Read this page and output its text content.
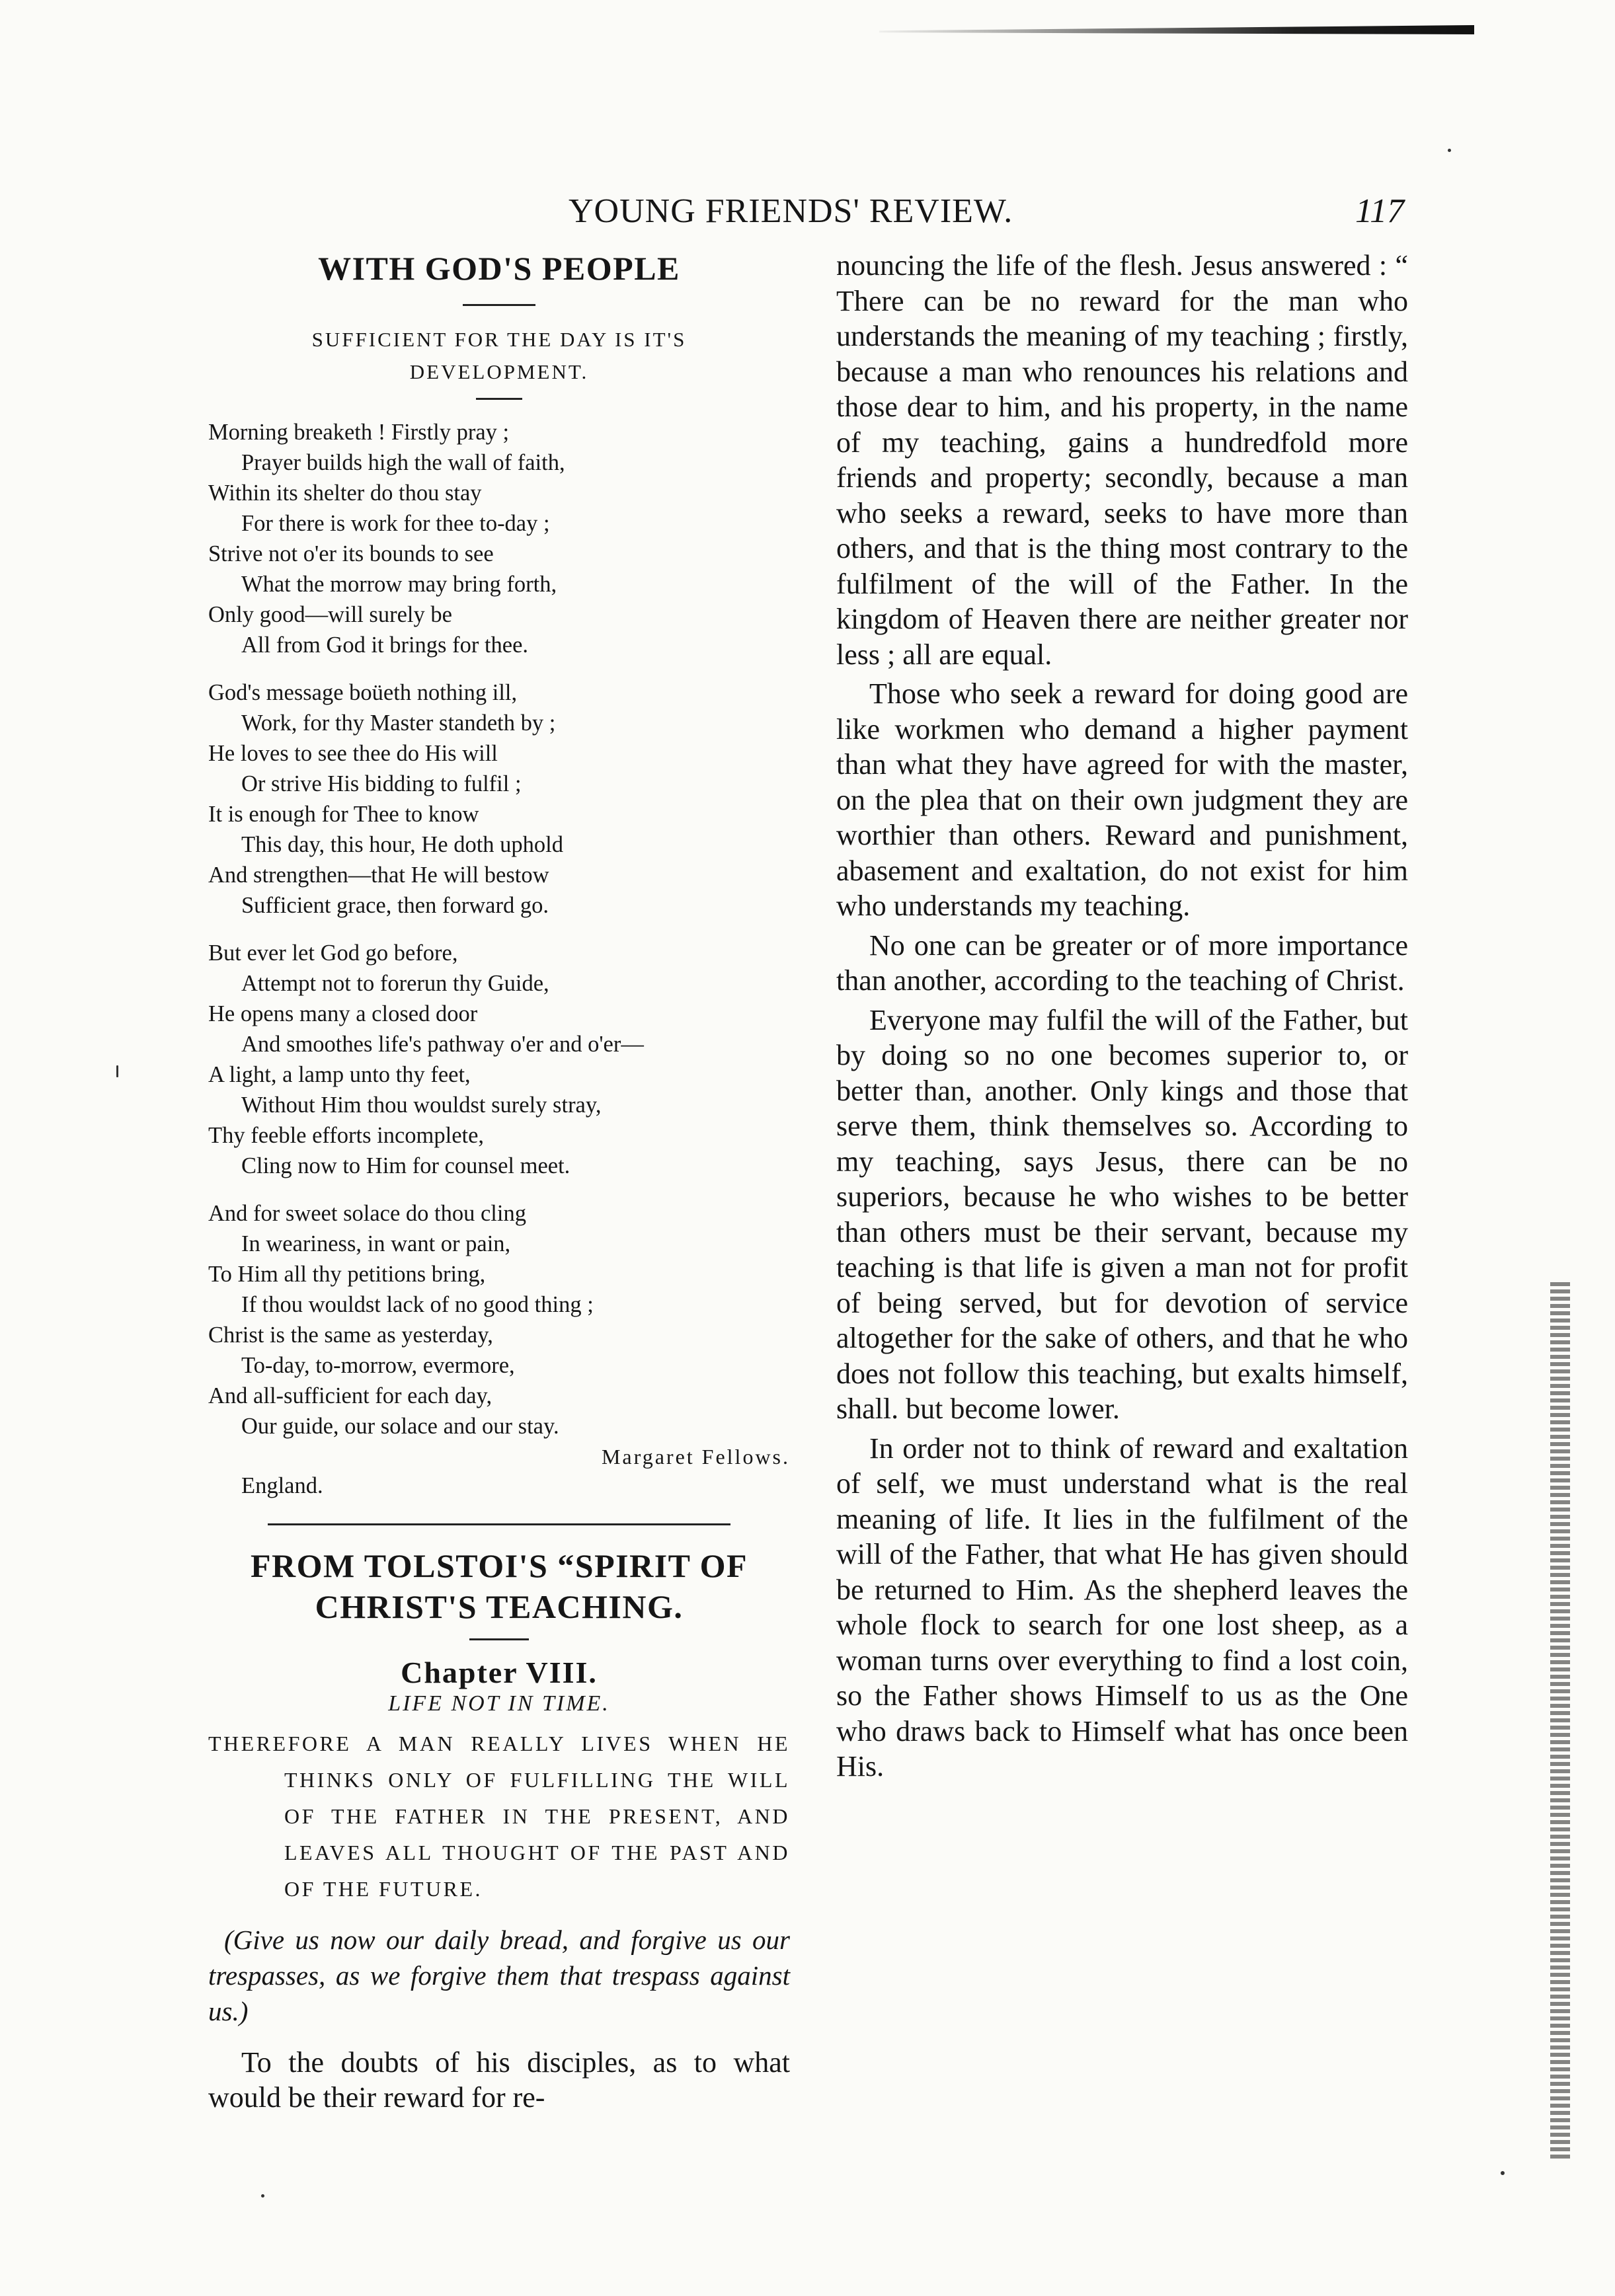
YOUNG FRIENDS' REVIEW.	117
WITH GOD'S PEOPLE

SUFFICIENT FOR THE DAY IS IT'S
DEVELOPMENT.

Morning breaketh ! Firstly pray ;
Prayer builds high the wall of faith,
Within its shelter do thou stay
For there is work for thee to-day ;
Strive not o'er its bounds to see
What the morrow may bring forth,
Only good—will surely be
All from God it brings for thee.
God's message boüeth nothing ill,
Work, for thy Master standeth by ;
He loves to see thee do His will
Or strive His bidding to fulfil ;
It is enough for Thee to know
This day, this hour, He doth uphold
And strengthen—that He will bestow
Sufficient grace, then forward go.
But ever let God go before,
Attempt not to forerun thy Guide,
He opens many a closed door
And smoothes life's pathway o'er and o'er—
A light, a lamp unto thy feet,
Without Him thou wouldst surely stray,
Thy feeble efforts incomplete,
Cling now to Him for counsel meet.
And for sweet solace do thou cling
In weariness, in want or pain,
To Him all thy petitions bring,
If thou wouldst lack of no good thing ;
Christ is the same as yesterday,
To-day, to-morrow, evermore,
And all-sufficient for each day,
Our guide, our solace and our stay.

Margaret Fellows.

England.
FROM TOLSTOI'S “SPIRIT OF
CHRIST'S TEACHING.
Chapter VIII.
LIFE NOT IN TIME.

THEREFORE A MAN REALLY LIVES WHEN HE THINKS ONLY OF FULFILLING THE WILL OF THE FATHER IN THE PRESENT, AND LEAVES ALL THOUGHT OF THE PAST AND OF THE FUTURE.

(Give us now our daily bread, and forgive us our trespasses, as we forgive them that trespass against us.)

To the doubts of his disciples, as to what would be their reward for re-

nouncing the life of the flesh. Jesus answered : “ There can be no reward for the man who understands the meaning of my teaching ; firstly, because a man who renounces his relations and those dear to him, and his property, in the name of my teaching, gains a hundredfold more friends and property; secondly, because a man who seeks a reward, seeks to have more than others, and that is the thing most contrary to the fulfilment of the will of the Father. In the kingdom of Heaven there are neither greater nor less ; all are equal.

Those who seek a reward for doing good are like workmen who demand a higher payment than what they have agreed for with the master, on the plea that on their own judgment they are worthier than others. Reward and punishment, abasement and exaltation, do not exist for him who understands my teaching.

No one can be greater or of more importance than another, according to the teaching of Christ.

Everyone may fulfil the will of the Father, but by doing so no one becomes superior to, or better than, another. Only kings and those that serve them, think themselves so. According to my teaching, says Jesus, there can be no superiors, because he who wishes to be better than others must be their servant, because my teaching is that life is given a man not for profit of being served, but for devotion of service altogether for the sake of others, and that he who does not follow this teaching, but exalts himself, shall. but become lower.

In order not to think of reward and exaltation of self, we must understand what is the real meaning of life. It lies in the fulfilment of the will of the Father, that what He has given should be returned to Him. As the shepherd leaves the whole flock to search for one lost sheep, as a woman turns over everything to find a lost coin, so the Father shows Himself to us as the One who draws back to Himself what has once been His.
